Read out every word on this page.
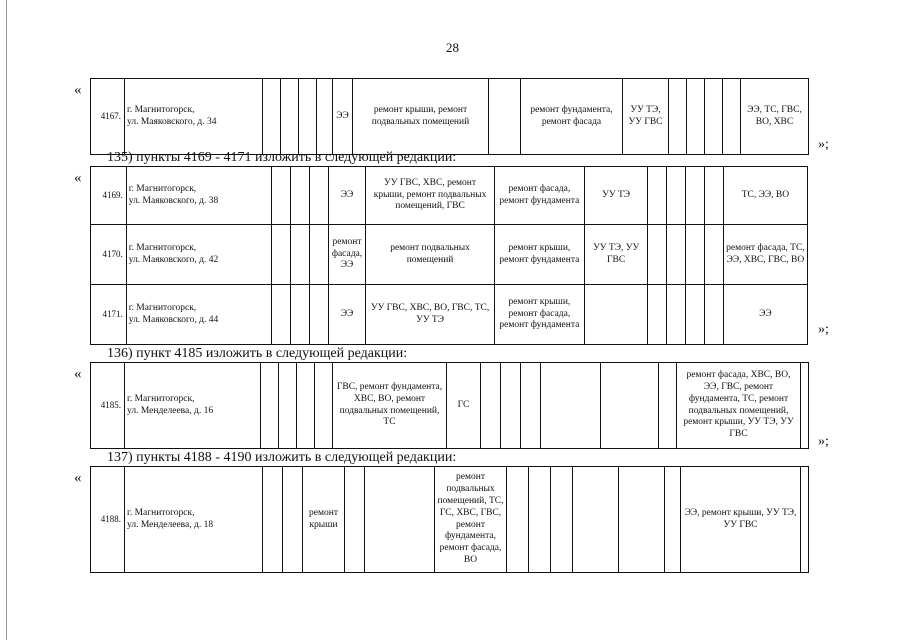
28
«
4167.	г. Магнитогорск,
ул. Маяковского, д. 34					ЭЭ	ремонт крыши, ремонт подвальных помещений		ремонт фундамента, ремонт фасада	УУ ТЭ, УУ ГВС					ЭЭ, ТС, ГВС, ВО, ХВС
»;
135) пункты 4169 - 4171 изложить в следующей редакции:
«
4169.	г. Магнитогорск,
ул. Маяковского, д. 38				ЭЭ		УУ ГВС, ХВС, ремонт крыши, ремонт подвальных помещений, ГВС		ремонт фасада, ремонт фундамента	УУ ТЭ					ТС, ЭЭ, ВО
4170.	г. Магнитогорск,
ул. Маяковского, д. 42				ремонт фасада, ЭЭ		ремонт подвальных помещений		ремонт крыши, ремонт фундамента	УУ ТЭ, УУ ГВС					ремонт фасада, ТС, ЭЭ, ХВС, ГВС, ВО
4171.	г. Магнитогорск,
ул. Маяковского, д. 44				ЭЭ		УУ ГВС, ХВС, ВО, ГВС, ТС, УУ ТЭ		ремонт крыши, ремонт фасада, ремонт фундамента						ЭЭ
»;
136) пункт 4185 изложить в следующей редакции:
«
4185.	г. Магнитогорск,
ул. Менделеева, д. 16					ГВС, ремонт фундамента, ХВС, ВО, ремонт подвальных помещений, ТС	ГС							ремонт фасада, ХВС, ВО, ЭЭ, ГВС, ремонт фундамента, ТС, ремонт подвальных помещений, ремонт крыши, УУ ТЭ, УУ ГВС		»;
137) пункты 4188 - 4190 изложить в следующей редакции:
«
4188.	г. Магнитогорск,
ул. Менделеева, д. 18			ремонт крыши			ремонт подвальных помещений, ТС, ГС, ХВС, ГВС, ремонт фундамента, ремонт фасада, ВО							ЭЭ, ремонт крыши, УУ ТЭ, УУ ГВС	
